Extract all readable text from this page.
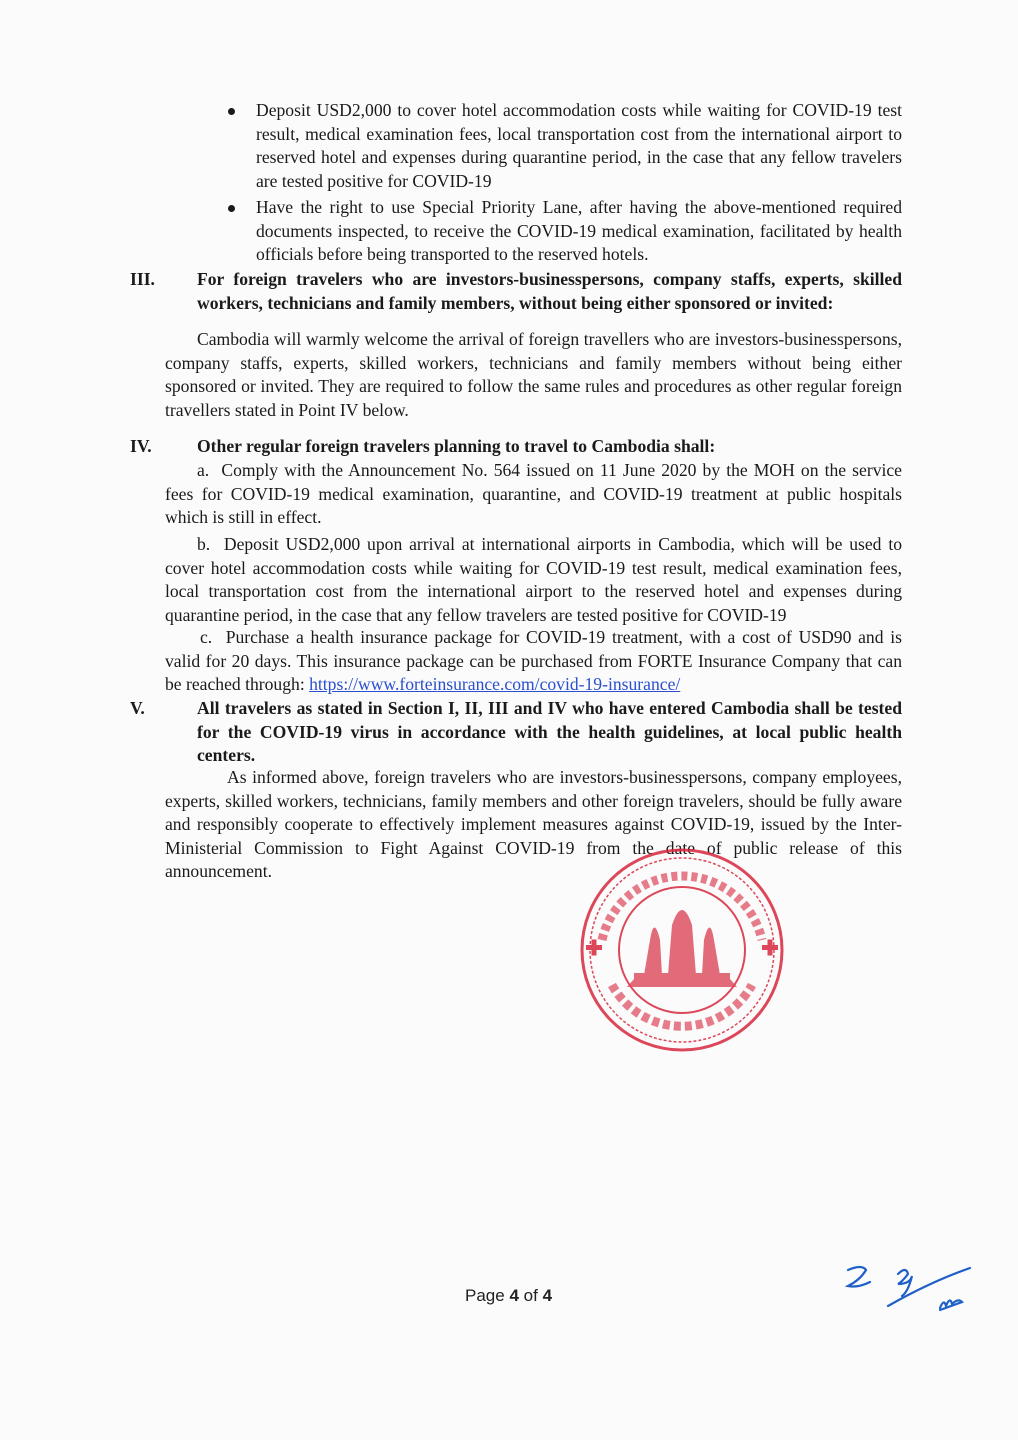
Deposit USD2,000 to cover hotel accommodation costs while waiting for COVID-19 test result, medical examination fees, local transportation cost from the international airport to reserved hotel and expenses during quarantine period, in the case that any fellow travelers are tested positive for COVID-19
Have the right to use Special Priority Lane, after having the above-mentioned required documents inspected, to receive the COVID-19 medical examination, facilitated by health officials before being transported to the reserved hotels.
III. For foreign travelers who are investors-businesspersons, company staffs, experts, skilled workers, technicians and family members, without being either sponsored or invited:
Cambodia will warmly welcome the arrival of foreign travellers who are investors-businesspersons, company staffs, experts, skilled workers, technicians and family members without being either sponsored or invited. They are required to follow the same rules and procedures as other regular foreign travellers stated in Point IV below.
IV.	Other regular foreign travelers planning to travel to Cambodia shall:
a. Comply with the Announcement No. 564 issued on 11 June 2020 by the MOH on the service fees for COVID-19 medical examination, quarantine, and COVID-19 treatment at public hospitals which is still in effect.
b. Deposit USD2,000 upon arrival at international airports in Cambodia, which will be used to cover hotel accommodation costs while waiting for COVID-19 test result, medical examination fees, local transportation cost from the international airport to the reserved hotel and expenses during quarantine period, in the case that any fellow travelers are tested positive for COVID-19
c. Purchase a health insurance package for COVID-19 treatment, with a cost of USD90 and is valid for 20 days. This insurance package can be purchased from FORTE Insurance Company that can be reached through: https://www.forteinsurance.com/covid-19-insurance/
V.	All travelers as stated in Section I, II, III and IV who have entered Cambodia shall be tested for the COVID-19 virus in accordance with the health guidelines, at local public health centers.
As informed above, foreign travelers who are investors-businesspersons, company employees, experts, skilled workers, technicians, family members and other foreign travelers, should be fully aware and responsibly cooperate to effectively implement measures against COVID-19, issued by the Inter-Ministerial Commission to Fight Against COVID-19 from the date of public release of this announcement.
Page 4 of 4
